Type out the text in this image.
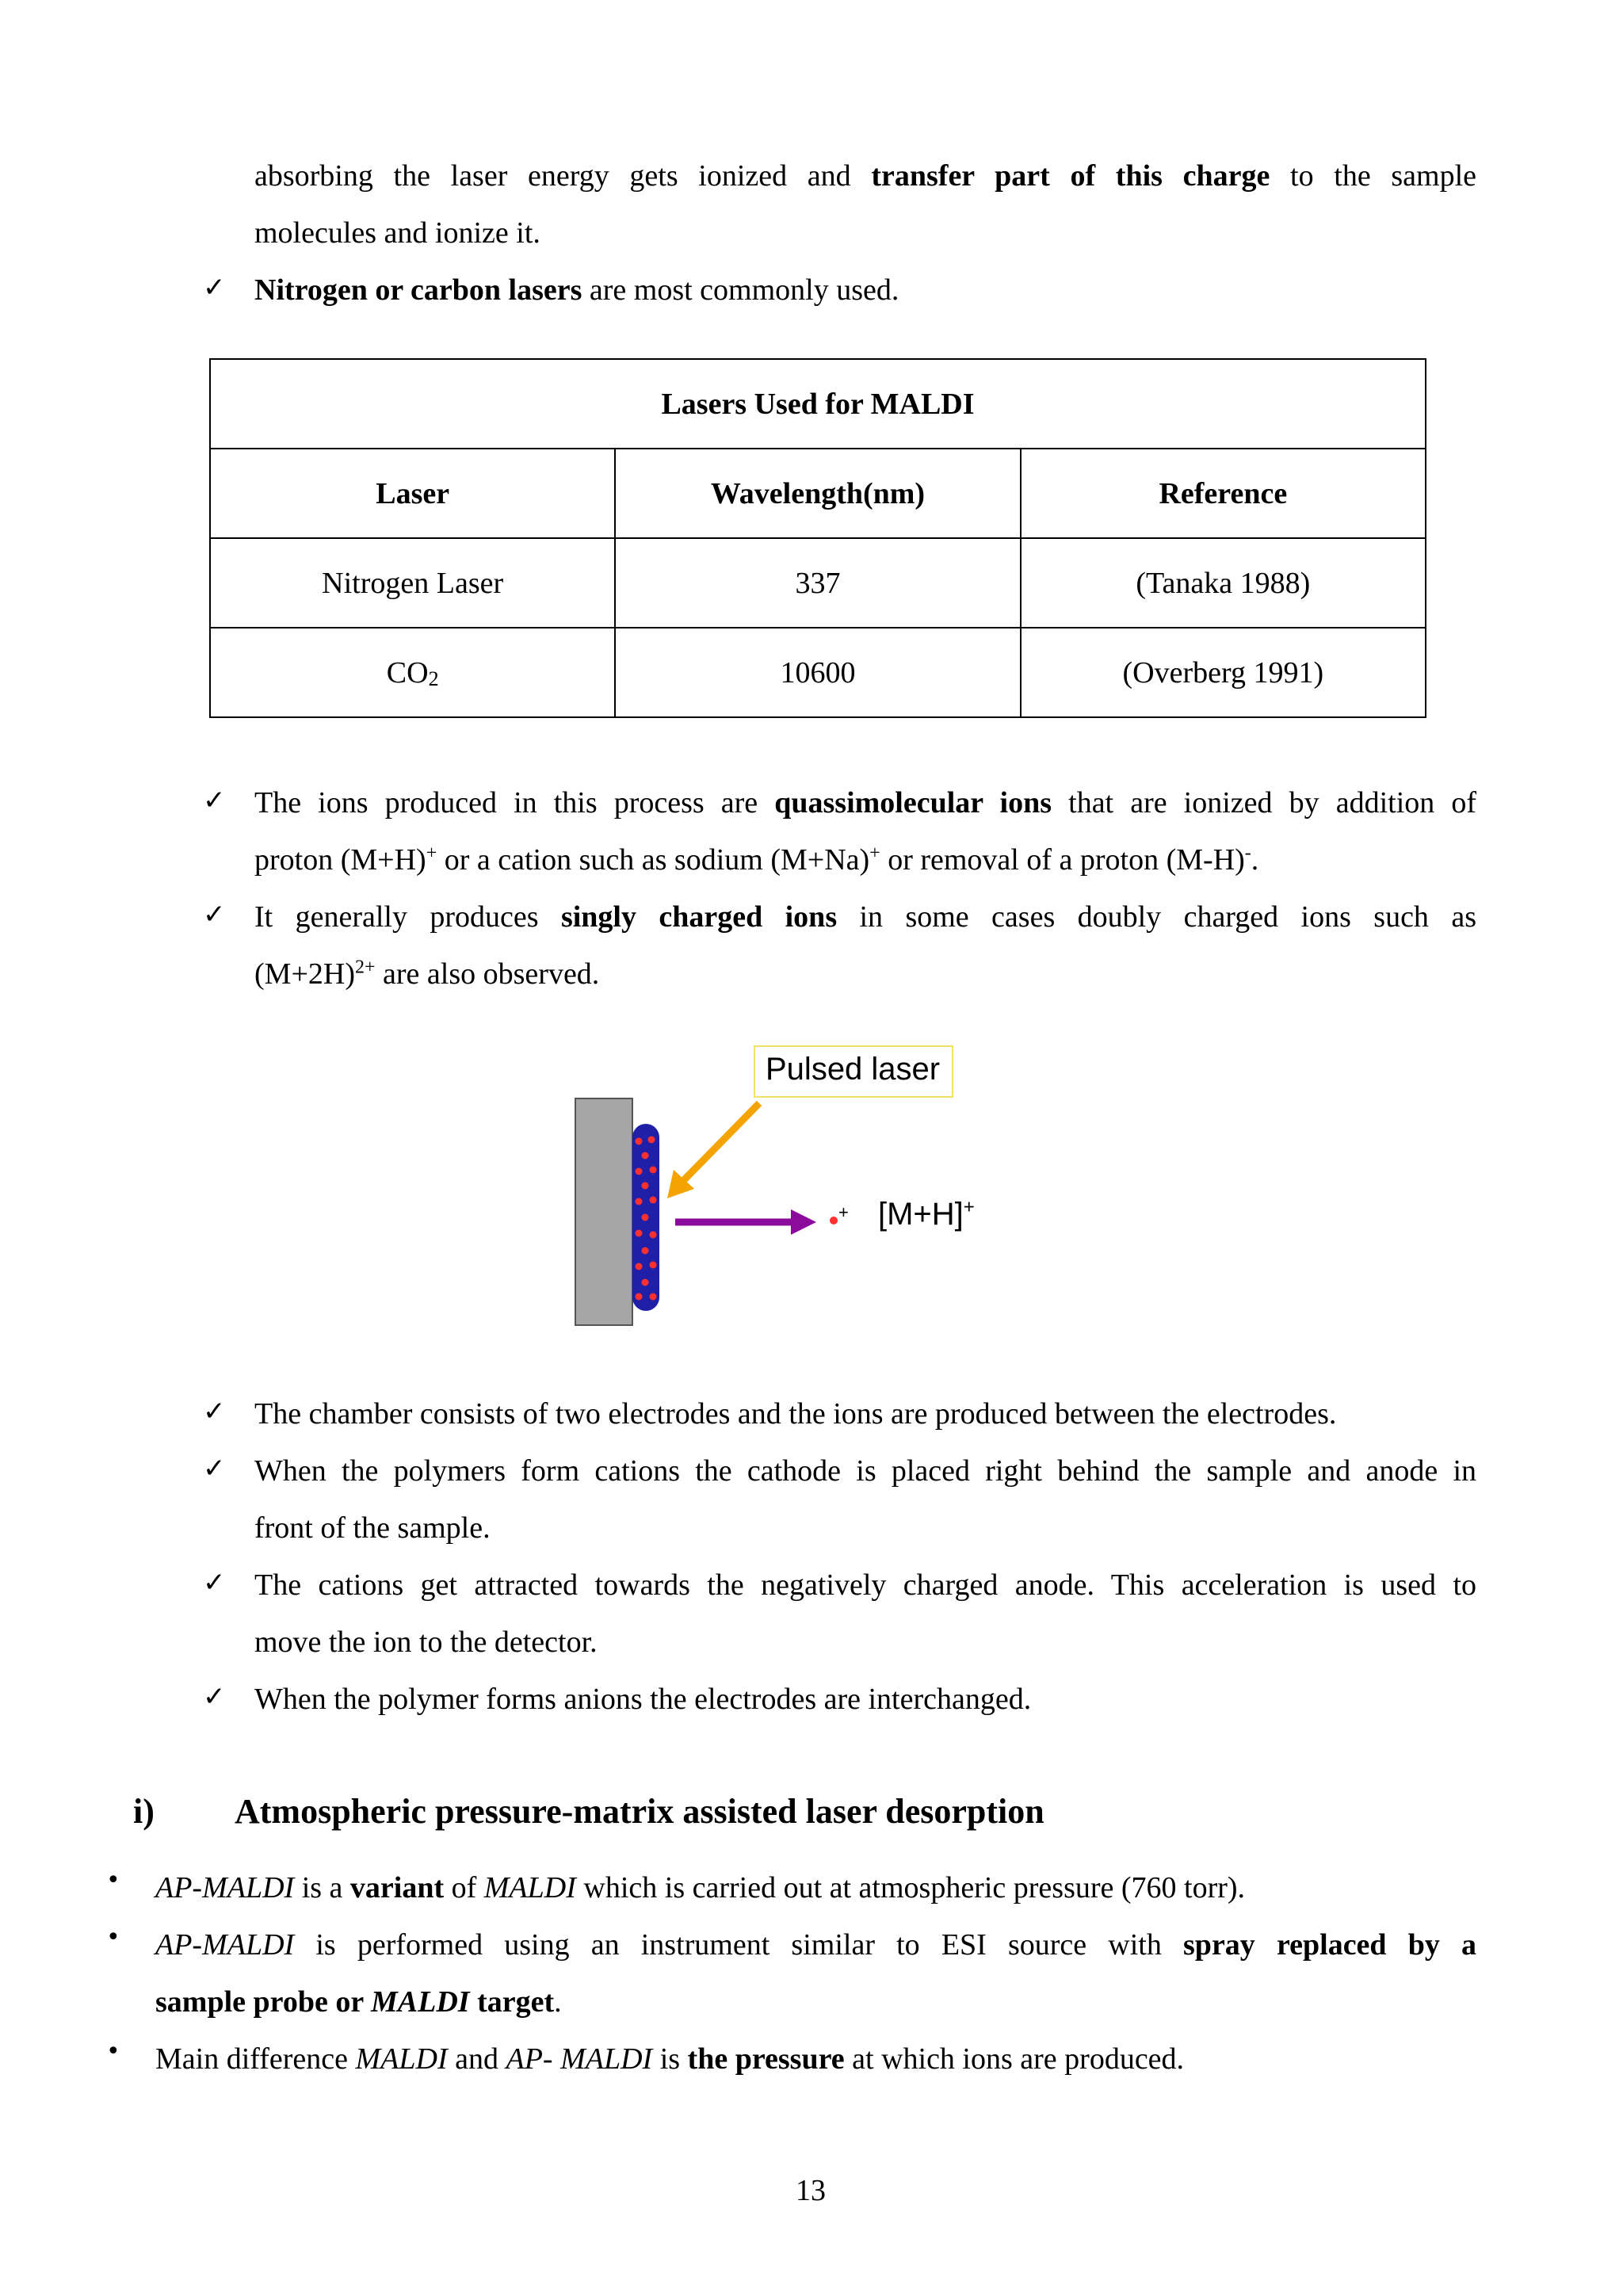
absorbing the laser energy gets ionized and transfer part of this charge to the sample
molecules and ionize it.
✓ Nitrogen or carbon lasers are most commonly used.
Lasers Used for MALDI		
Laser	Wavelength(nm)	Reference
Nitrogen Laser	337	(Tanaka 1988)
$CO_2$	10600	(Overberg 1991)
✓ The ions produced in this process are quassimolecular ions that are ionized by addition of
proton (M+H)+ or a cation such as sodium (M+Na)+ or removal of a proton (M-H)-.
✓ It generally produces singly charged ions in some cases doubly charged ions such as
$(M+2H)^{2+}$ are also observed.
Pulsed laser
+ [M+H]+
✓ The chamber consists of two electrodes and the ions are produced between the electrodes.
✓ When the polymers form cations the cathode is placed right behind the sample and anode in
front of the sample.
✓ The cations get attracted towards the negatively charged anode. This acceleration is used to
move the ion to the detector.
✓ When the polymer forms anions the electrodes are interchanged.
i) Atmospheric pressure-matrix assisted laser desorption
• AP-MALDI is a variant of MALDI which is carried out at atmospheric pressure (760 torr).
• AP-MALDI is performed using an instrument similar to ESI source with spray replaced by a
sample probe or MALDI target.
• Main difference MALDI and AP- MALDI is the pressure at which ions are produced.
13
